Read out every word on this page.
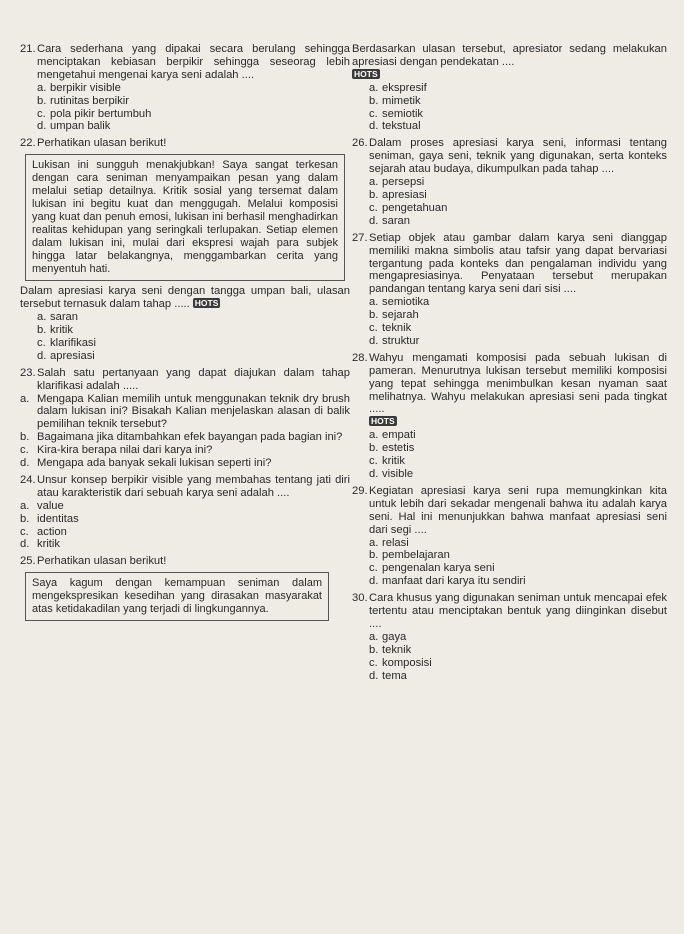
21. Cara sederhana yang dipakai secara berulang sehingga menciptakan kebiasan berpikir sehingga seseorag lebih mengetahui mengenai karya seni adalah ....
a. berpikir visible
b. rutinitas berpikir
c. pola pikir bertumbuh
d. umpan balik
22. Perhatikan ulasan berikut!
Lukisan ini sungguh menakjubkan! Saya sangat terkesan dengan cara seniman menyampaikan pesan yang dalam melalui setiap detailnya. Kritik sosial yang tersemat dalam lukisan ini begitu kuat dan menggugah. Melalui komposisi yang kuat dan penuh emosi, lukisan ini berhasil menghadirkan realitas kehidupan yang seringkali terlupakan. Setiap elemen dalam lukisan ini, mulai dari ekspresi wajah para subjek hingga latar belakangnya, menggambarkan cerita yang menyentuh hati.
Dalam apresiasi karya seni dengan tangga umpan bali, ulasan tersebut ternasuk dalam tahap ..... HOTS
a. saran
b. kritik
c. klarifikasi
d. apresiasi
23. Salah satu pertanyaan yang dapat diajukan dalam tahap klarifikasi adalah .....
a. Mengapa Kalian memilih untuk menggunakan teknik dry brush dalam lukisan ini? Bisakah Kalian menjelaskan alasan di balik pemilihan teknik tersebut?
b. Bagaimana jika ditambahkan efek bayangan pada bagian ini?
c. Kira-kira berapa nilai dari karya ini?
d. Mengapa ada banyak sekali lukisan seperti ini?
24. Unsur konsep berpikir visible yang membahas tentang jati diri atau karakteristik dari sebuah karya seni adalah ....
a. value
b. identitas
c. action
d. kritik
25. Perhatikan ulasan berikut!
Saya kagum dengan kemampuan seniman dalam mengekspresikan kesedihan yang dirasakan masyarakat atas ketidakadilan yang terjadi di lingkungannya.
Berdasarkan ulasan tersebut, apresiator sedang melakukan apresiasi dengan pendekatan ....
HOTS
a. ekspresif
b. mimetik
c. semiotik
d. tekstual
26. Dalam proses apresiasi karya seni, informasi tentang seniman, gaya seni, teknik yang digunakan, serta konteks sejarah atau budaya, dikumpulkan pada tahap ....
a. persepsi
b. apresiasi
c. pengetahuan
d. saran
27. Setiap objek atau gambar dalam karya seni dianggap memiliki makna simbolis atau tafsir yang dapat bervariasi tergantung pada konteks dan pengalaman individu yang mengapresiasinya. Penyataan tersebut merupakan pandangan tentang karya seni dari sisi ....
a. semiotika
b. sejarah
c. teknik
d. struktur
28. Wahyu mengamati komposisi pada sebuah lukisan di pameran. Menurutnya lukisan tersebut memiliki komposisi yang tepat sehingga menimbulkan kesan nyaman saat melihatnya. Wahyu melakukan apresiasi seni pada tingkat .....
HOTS
a. empati
b. estetis
c. kritik
d. visible
29. Kegiatan apresiasi karya seni rupa memungkinkan kita untuk lebih dari sekadar mengenali bahwa itu adalah karya seni. Hal ini menunjukkan bahwa manfaat apresiasi seni dari segi ....
a. relasi
b. pembelajaran
c. pengenalan karya seni
d. manfaat dari karya itu sendiri
30. Cara khusus yang digunakan seniman untuk mencapai efek tertentu atau menciptakan bentuk yang diinginkan disebut ....
a. gaya
b. teknik
c. komposisi
d. tema
